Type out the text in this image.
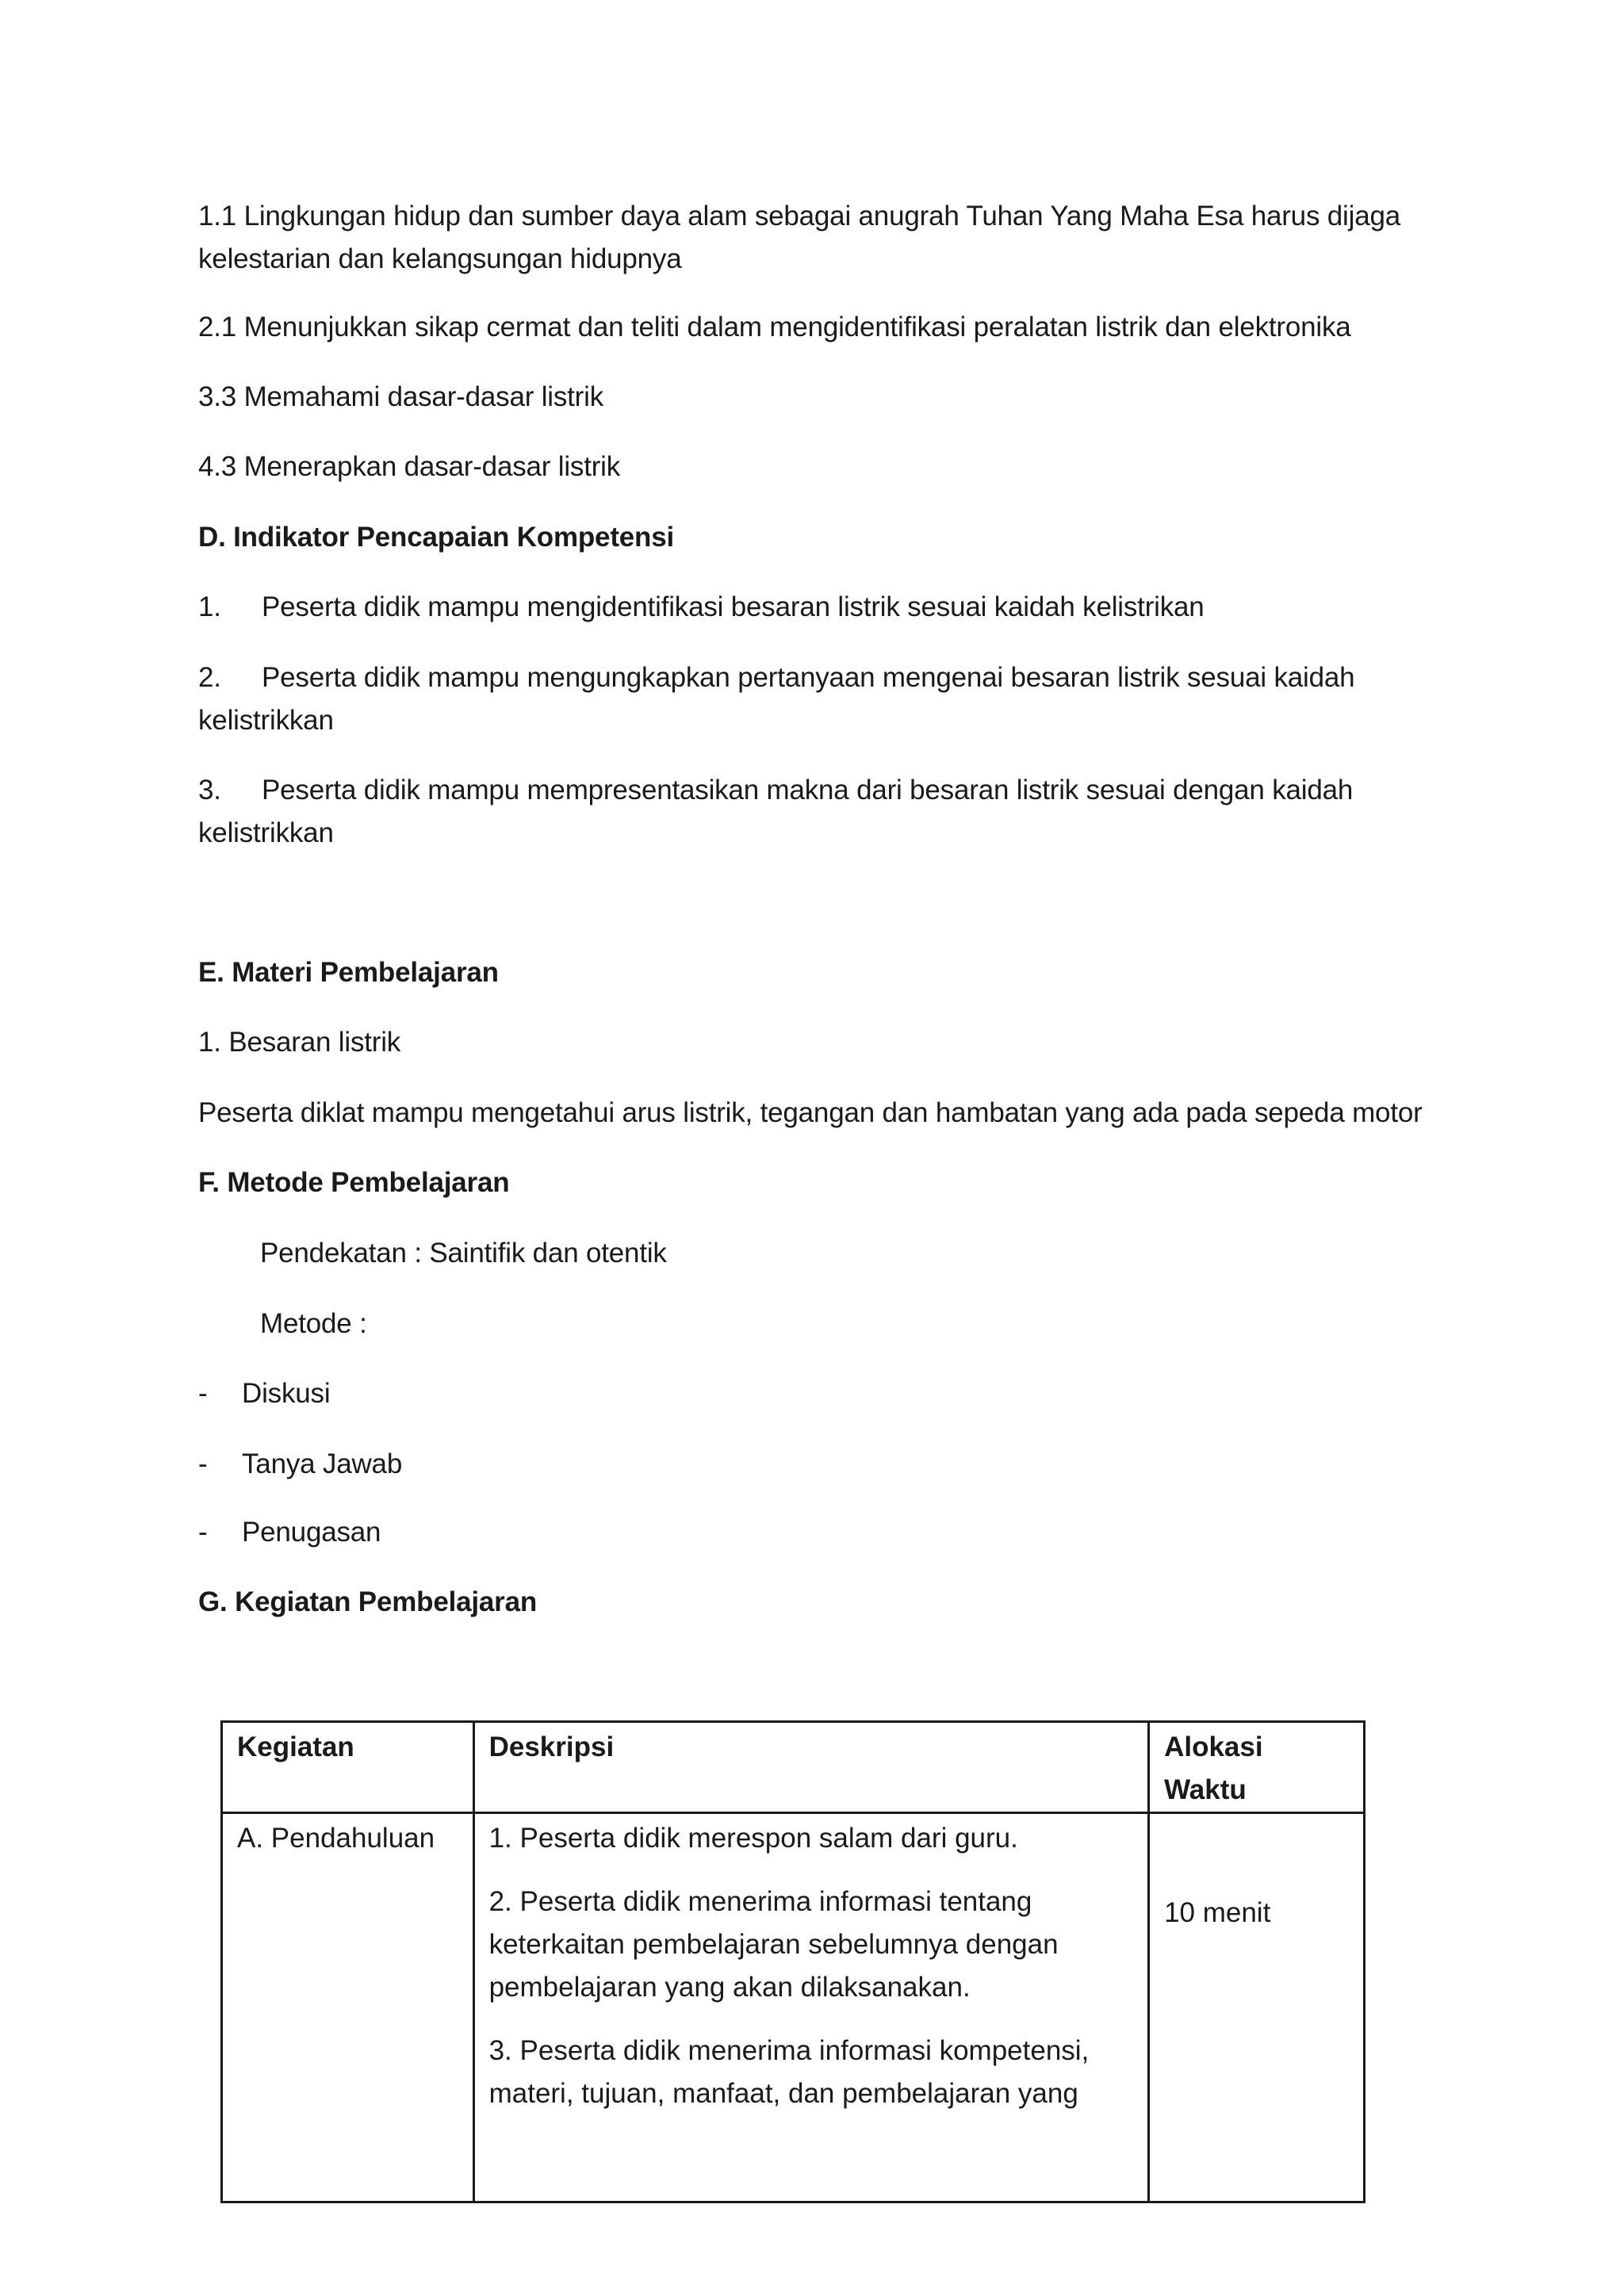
1.1 Lingkungan hidup dan sumber daya alam sebagai anugrah Tuhan Yang Maha Esa harus dijaga kelestarian dan kelangsungan hidupnya
2.1 Menunjukkan sikap cermat dan teliti dalam mengidentifikasi peralatan listrik dan elektronika
3.3 Memahami dasar-dasar listrik
4.3 Menerapkan dasar-dasar listrik
D. Indikator Pencapaian Kompetensi
1. Peserta didik mampu mengidentifikasi besaran listrik sesuai kaidah kelistrikan
2. Peserta didik mampu mengungkapkan pertanyaan mengenai besaran listrik sesuai kaidah
kelistrikkan
3. Peserta didik mampu mempresentasikan makna dari besaran listrik sesuai dengan kaidah
kelistrikkan
E. Materi Pembelajaran
1. Besaran listrik
Peserta diklat mampu mengetahui arus listrik, tegangan dan hambatan yang ada pada sepeda motor
F. Metode Pembelajaran
Pendekatan : Saintifik dan otentik
Metode :
- Diskusi
- Tanya Jawab
- Penugasan
G. Kegiatan Pembelajaran
Kegiatan	Deskripsi	Alokasi Waktu

A. Pendahuluan	1. Peserta didik merespon salam dari guru.
2. Peserta didik menerima informasi tentang keterkaitan pembelajaran sebelumnya dengan pembelajaran yang akan dilaksanakan.
3. Peserta didik menerima informasi kompetensi, materi, tujuan, manfaat, dan pembelajaran yang	10 menit
